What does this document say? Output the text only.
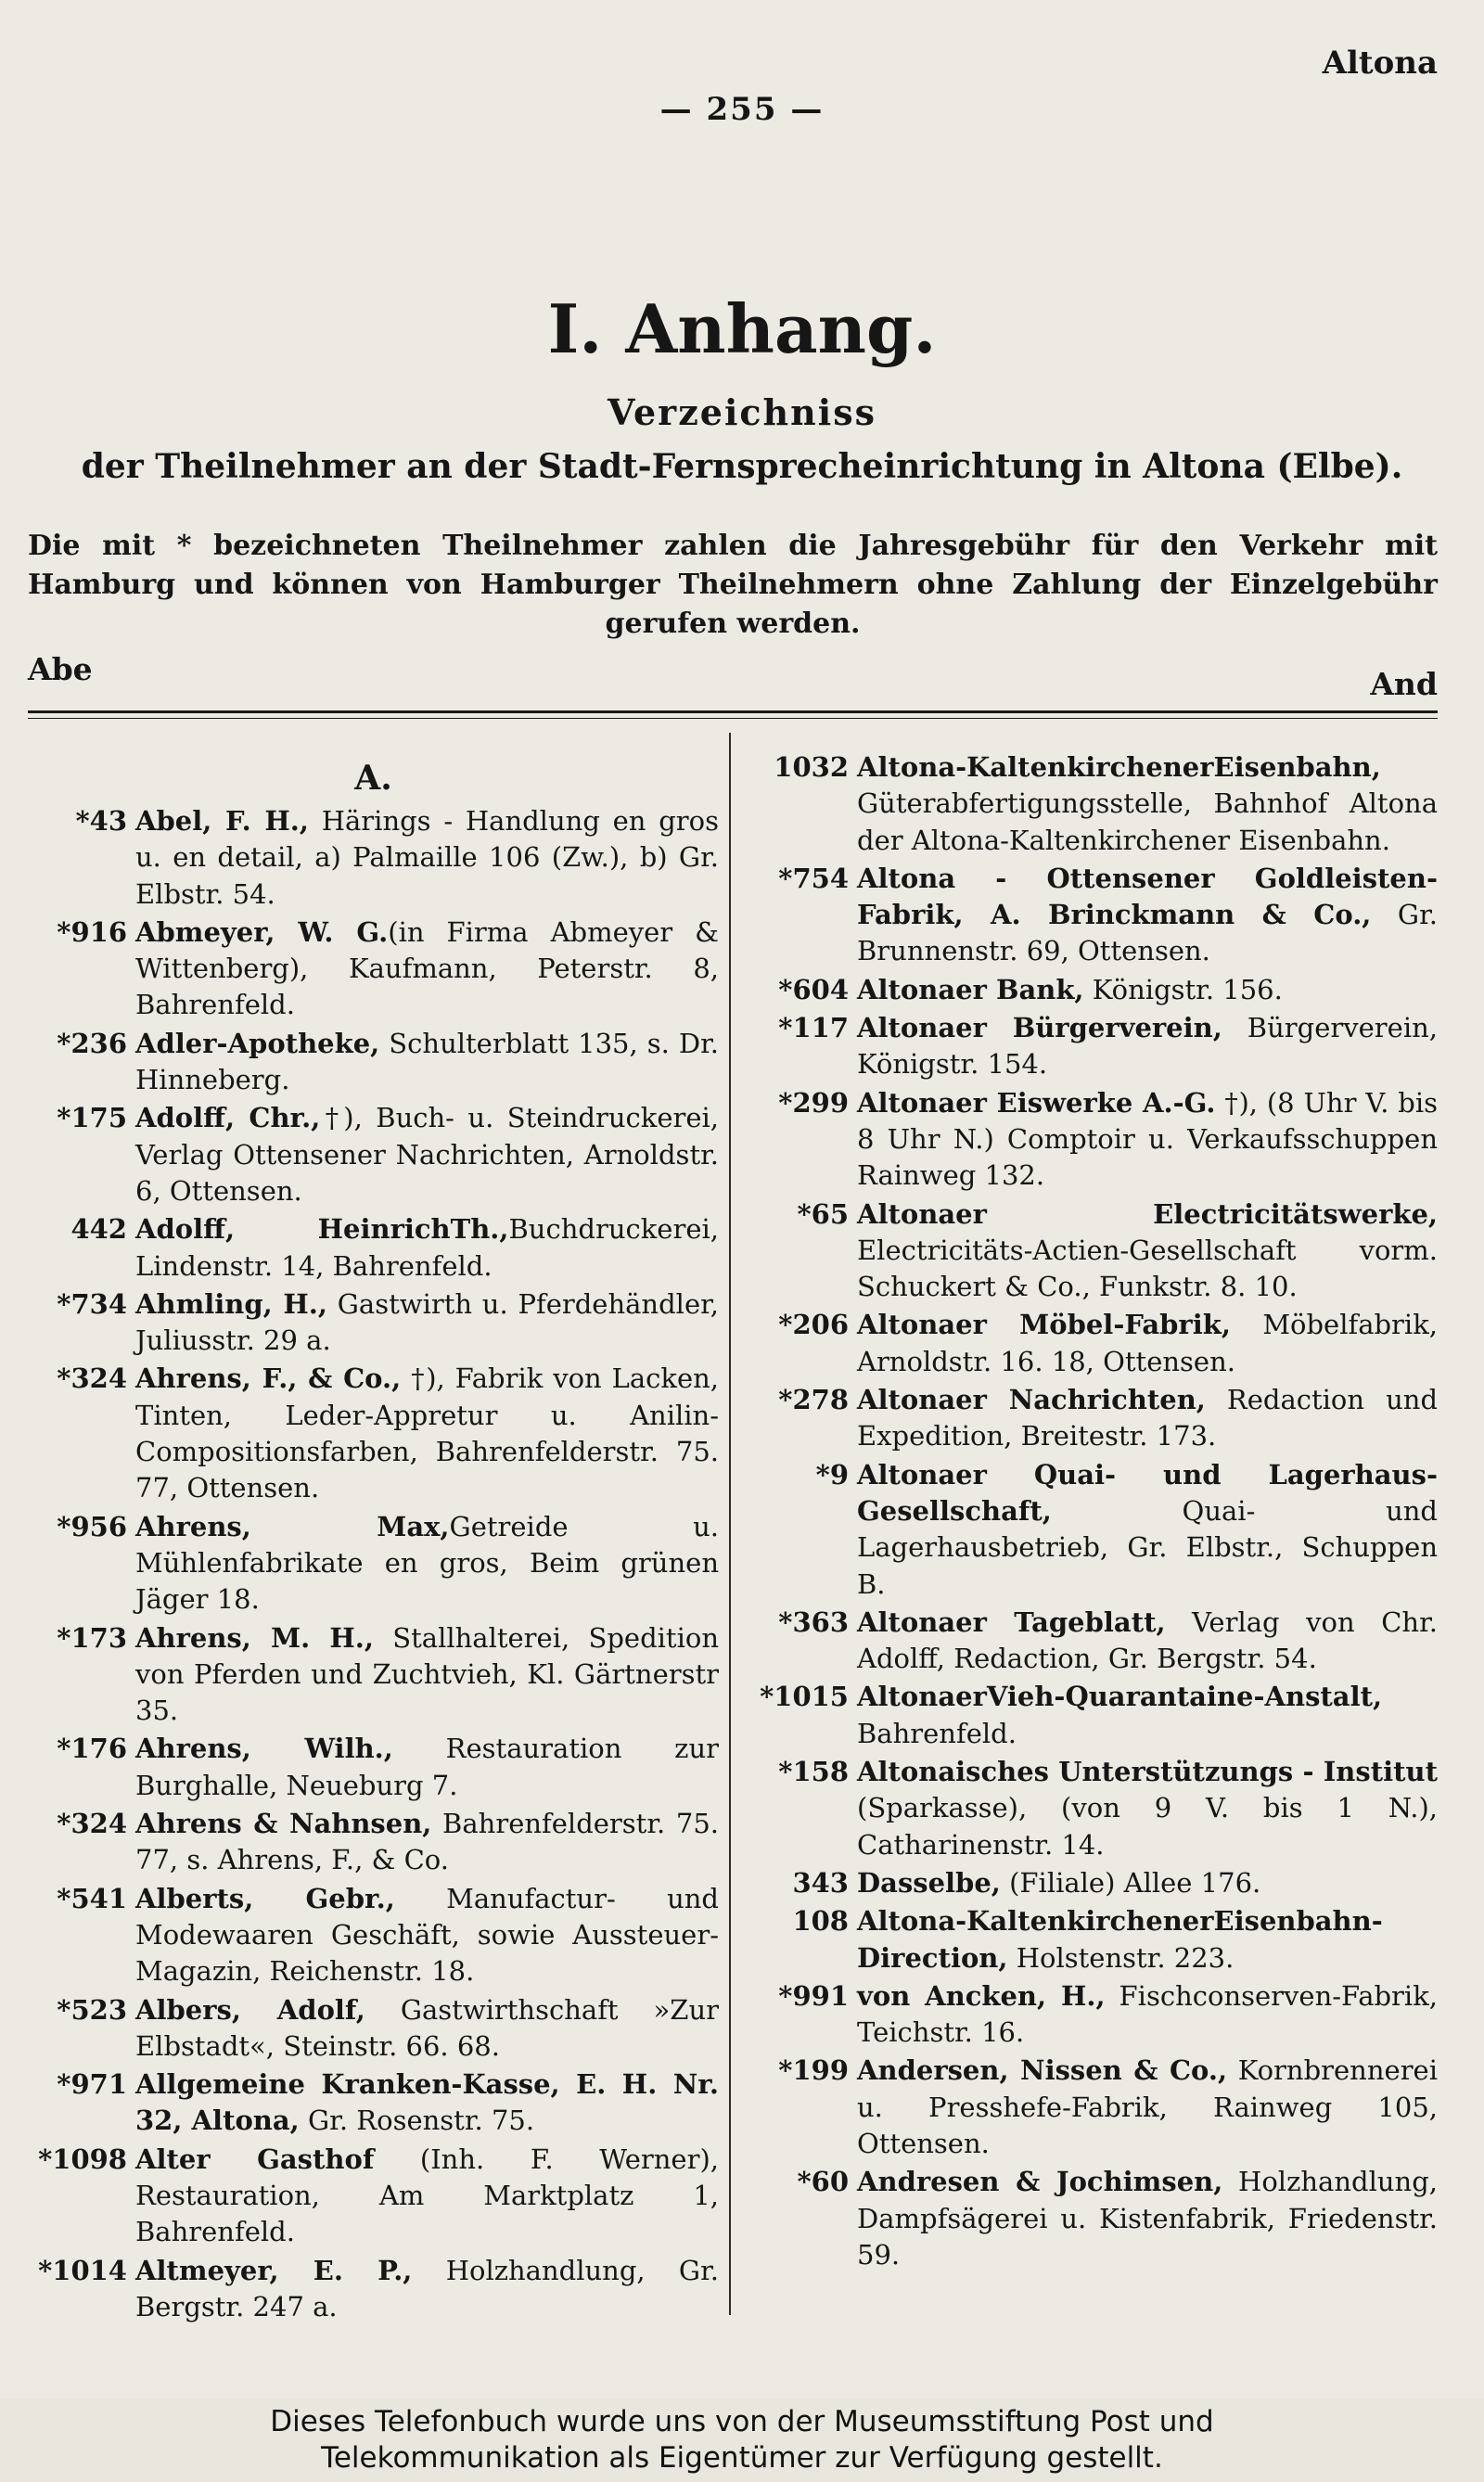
Altona
— 255 —
I. Anhang.
Verzeichniss
der Theilnehmer an der Stadt-Fernsprecheinrichtung in Altona (Elbe).
Die mit * bezeichneten Theilnehmer zahlen die Jahresgebühr für den Verkehr mit Hamburg und können von Hamburger Theilnehmern ohne Zahlung der Einzelgebühr gerufen werden.
Abe	And
A.
*43 Abel, F. H., Härings - Handlung en gros u. en detail, a) Palmaille 106 (Zw.), b) Gr. Elbstr. 54.
*916 Abmeyer, W. G.(in Firma Abmeyer & Wittenberg), Kaufmann, Peterstr. 8, Bahrenfeld.
*236 Adler-Apotheke, Schulterblatt 135, s. Dr. Hinneberg.
*175 Adolff, Chr.,†), Buch- u. Steindruckerei, Verlag Ottensener Nachrichten, Arnoldstr. 6, Ottensen.
442 Adolff, HeinrichTh.,Buchdruckerei, Lindenstr. 14, Bahrenfeld.
*734 Ahmling, H., Gastwirth u. Pferdehändler, Juliusstr. 29 a.
*324 Ahrens, F., & Co., †), Fabrik von Lacken, Tinten, Leder-Appretur u. Anilin-Compositionsfarben, Bahrenfelderstr. 75. 77, Ottensen.
*956 Ahrens, Max,Getreide u. Mühlenfabrikate en gros, Beim grünen Jäger 18.
*173 Ahrens, M. H., Stallhalterei, Spedition von Pferden und Zuchtvieh, Kl. Gärtnerstr 35.
*176 Ahrens, Wilh., Restauration zur Burghalle, Neueburg 7.
*324 Ahrens & Nahnsen, Bahrenfelderstr. 75. 77, s. Ahrens, F., & Co.
*541 Alberts, Gebr., Manufactur- und Modewaaren Geschäft, sowie Aussteuer-Magazin, Reichenstr. 18.
*523 Albers, Adolf, Gastwirthschaft »Zur Elbstadt«, Steinstr. 66. 68.
*971 Allgemeine Kranken-Kasse, E. H. Nr. 32, Altona, Gr. Rosenstr. 75.
*1098 Alter Gasthof (Inh. F. Werner), Restauration, Am Marktplatz 1, Bahrenfeld.
*1014 Altmeyer, E. P., Holzhandlung, Gr. Bergstr. 247 a.
1032 Altona-KaltenkirchenerEisenbahn, Güterabfertigungsstelle, Bahnhof Altona der Altona-Kaltenkirchener Eisenbahn.
*754 Altona - Ottensener Goldleisten-Fabrik, A. Brinckmann & Co., Gr. Brunnenstr. 69, Ottensen.
*604 Altonaer Bank, Königstr. 156.
*117 Altonaer Bürgerverein, Bürgerverein, Königstr. 154.
*299 Altonaer Eiswerke A.-G. †), (8 Uhr V. bis 8 Uhr N.) Comptoir u. Verkaufsschuppen Rainweg 132.
*65 Altonaer Electricitätswerke, Electricitäts-Actien-Gesellschaft vorm. Schuckert & Co., Funkstr. 8. 10.
*206 Altonaer Möbel-Fabrik, Möbelfabrik, Arnoldstr. 16. 18, Ottensen.
*278 Altonaer Nachrichten, Redaction und Expedition, Breitestr. 173.
*9 Altonaer Quai- und Lagerhaus-Gesellschaft, Quai- und Lagerhausbetrieb, Gr. Elbstr., Schuppen B.
*363 Altonaer Tageblatt, Verlag von Chr. Adolff, Redaction, Gr. Bergstr. 54.
*1015 AltonaerVieh-Quarantaine-Anstalt, Bahrenfeld.
*158 Altonaisches Unterstützungs - Institut (Sparkasse), (von 9 V. bis 1 N.), Catharinenstr. 14.
343 Dasselbe, (Filiale) Allee 176.
108 Altona-KaltenkirchenerEisenbahn-Direction, Holstenstr. 223.
*991 von Ancken, H., Fischconserven-Fabrik, Teichstr. 16.
*199 Andersen, Nissen & Co., Kornbrennerei u. Presshefe-Fabrik, Rainweg 105, Ottensen.
*60 Andresen & Jochimsen, Holzhandlung, Dampfsägerei u. Kistenfabrik, Friedenstr. 59.
Dieses Telefonbuch wurde uns von der Museumsstiftung Post und
Telekommunikation als Eigentümer zur Verfügung gestellt.
